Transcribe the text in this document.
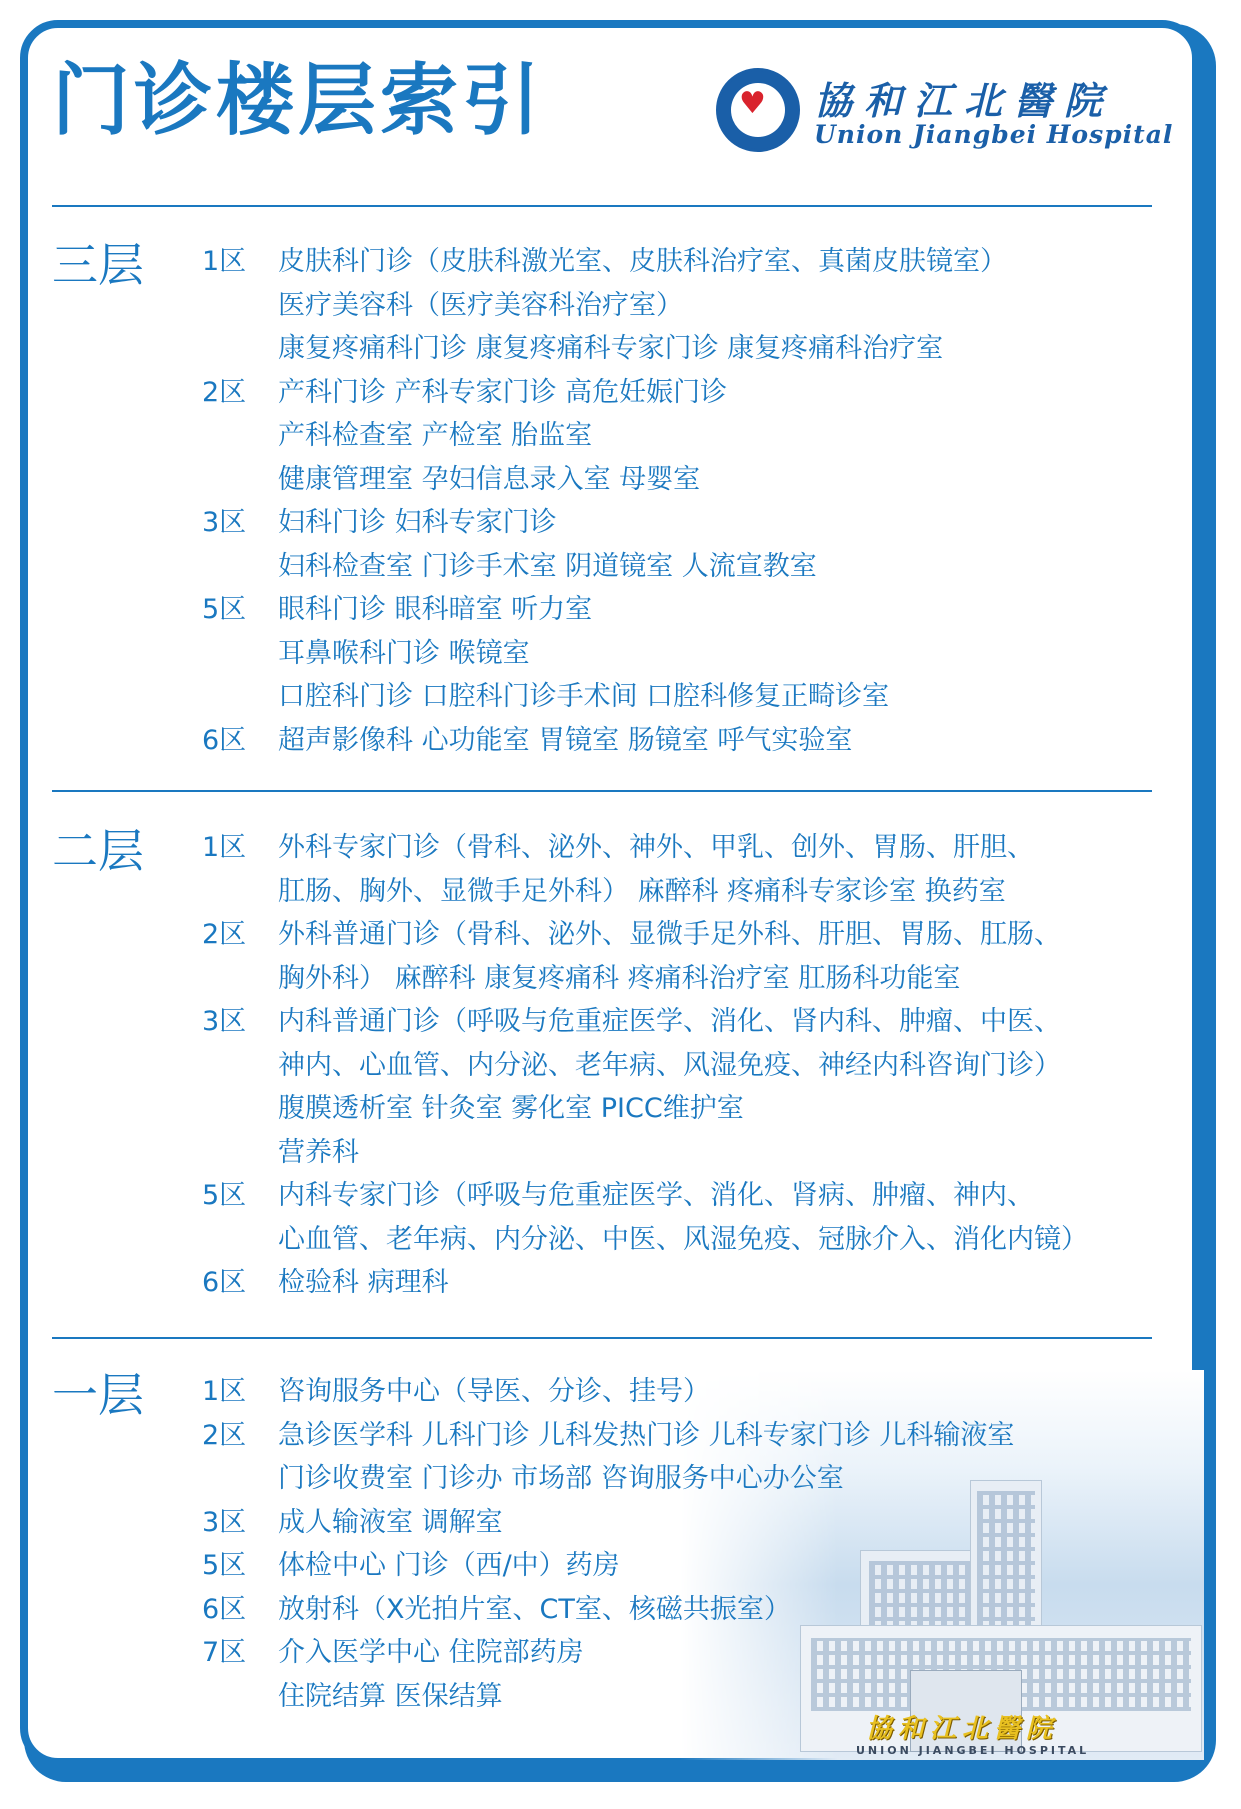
门诊楼层索引	♥ 協和江北醫院
Union Jiangbei Hospital
協和江北醫院
UNION JIANGBEI HOSPITAL
三层 1区 皮肤科门诊（皮肤科激光室、皮肤科治疗室、真菌皮肤镜室）
医疗美容科（医疗美容科治疗室）
康复疼痛科门诊 康复疼痛科专家门诊 康复疼痛科治疗室
2区 产科门诊 产科专家门诊 高危妊娠门诊
产科检查室 产检室 胎监室
健康管理室 孕妇信息录入室 母婴室
3区 妇科门诊 妇科专家门诊
妇科检查室 门诊手术室 阴道镜室 人流宣教室
5区 眼科门诊 眼科暗室 听力室
耳鼻喉科门诊 喉镜室
口腔科门诊 口腔科门诊手术间 口腔科修复正畸诊室
6区 超声影像科 心功能室 胃镜室 肠镜室 呼气实验室
二层 1区 外科专家门诊（骨科、泌外、神外、甲乳、创外、胃肠、肝胆、
肛肠、胸外、显微手足外科） 麻醉科 疼痛科专家诊室 换药室
2区 外科普通门诊（骨科、泌外、显微手足外科、肝胆、胃肠、肛肠、
胸外科） 麻醉科 康复疼痛科 疼痛科治疗室 肛肠科功能室
3区 内科普通门诊（呼吸与危重症医学、消化、肾内科、肿瘤、中医、
神内、心血管、内分泌、老年病、风湿免疫、神经内科咨询门诊）
腹膜透析室 针灸室 雾化室 PICC维护室
营养科
5区 内科专家门诊（呼吸与危重症医学、消化、肾病、肿瘤、神内、
心血管、老年病、内分泌、中医、风湿免疫、冠脉介入、消化内镜）
6区 检验科 病理科
一层 1区 咨询服务中心（导医、分诊、挂号）
2区 急诊医学科 儿科门诊 儿科发热门诊 儿科专家门诊 儿科输液室
门诊收费室 门诊办 市场部 咨询服务中心办公室
3区 成人输液室 调解室
5区 体检中心 门诊（西/中）药房
6区 放射科（X光拍片室、CT室、核磁共振室）
7区 介入医学中心 住院部药房
住院结算 医保结算
